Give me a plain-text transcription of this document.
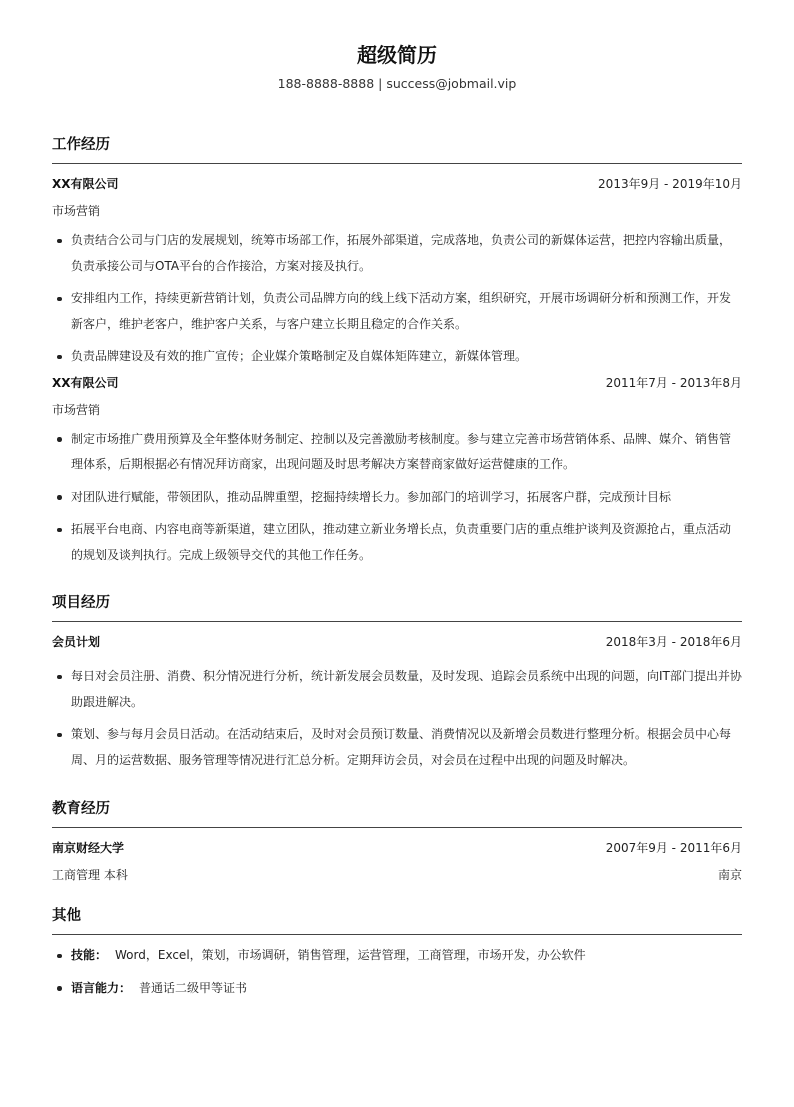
超级简历
188-8888-8888 | success@jobmail.vip
工作经历
XX有限公司	2013年9月 - 2019年10月
市场营销
负责结合公司与门店的发展规划，统筹市场部工作，拓展外部渠道，完成落地，负责公司的新媒体运营，把控内容输出质量，负责承接公司与OTA平台的合作接洽，方案对接及执行。
安排组内工作，持续更新营销计划，负责公司品牌方向的线上线下活动方案，组织研究，开展市场调研分析和预测工作，开发新客户，维护老客户，维护客户关系，与客户建立长期且稳定的合作关系。
负责品牌建设及有效的推广宣传；企业媒介策略制定及自媒体矩阵建立，新媒体管理。
XX有限公司	2011年7月 - 2013年8月
市场营销
制定市场推广费用预算及全年整体财务制定、控制以及完善激励考核制度。参与建立完善市场营销体系、品牌、媒介、销售管理体系，后期根据必有情况拜访商家，出现问题及时思考解决方案替商家做好运营健康的工作。
对团队进行赋能，带领团队，推动品牌重塑，挖掘持续增长力。参加部门的培训学习，拓展客户群，完成预计目标
拓展平台电商、内容电商等新渠道，建立团队，推动建立新业务增长点，负责重要门店的重点维护谈判及资源抢占，重点活动的规划及谈判执行。完成上级领导交代的其他工作任务。
项目经历
会员计划	2018年3月 - 2018年6月
每日对会员注册、消费、积分情况进行分析，统计新发展会员数量，及时发现、追踪会员系统中出现的问题，向IT部门提出并协助跟进解决。
策划、参与每月会员日活动。在活动结束后，及时对会员预订数量、消费情况以及新增会员数进行整理分析。根据会员中心每周、月的运营数据、服务管理等情况进行汇总分析。定期拜访会员，对会员在过程中出现的问题及时解决。
教育经历
南京财经大学	2007年9月 - 2011年6月
工商管理 本科	南京
其他
技能： Word，Excel，策划，市场调研，销售管理，运营管理，工商管理，市场开发，办公软件
语言能力： 普通话二级甲等证书
